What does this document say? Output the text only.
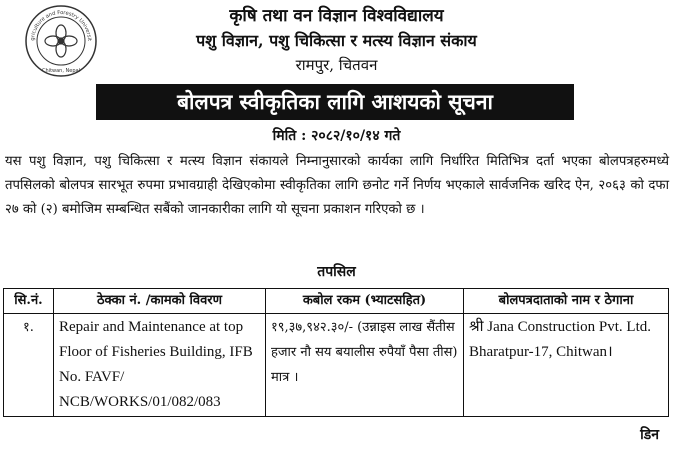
griculture and Forestry Universit
Chitwan, Nepal
कृषि तथा वन विज्ञान विश्वविद्यालय
पशु विज्ञान, पशु चिकित्सा र मत्स्य विज्ञान संकाय
रामपुर, चितवन
बोलपत्र स्वीकृतिका लागि आशयको सूचना
मिति : २०८२/१०/१४ गते
यस पशु विज्ञान, पशु चिकित्सा र मत्स्य विज्ञान संकायले निम्नानुसारको कार्यका लागि निर्धारित मितिभित्र दर्ता भएका बोलपत्रहरुमध्ये तपसिलको बोलपत्र सारभूत रुपमा प्रभावग्राही देखिएकोमा स्वीकृतिका लागि छनोट गर्ने निर्णय भएकाले सार्वजनिक खरिद ऐन, २०६३ को दफा २७ को (२) बमोजिम सम्बन्धित सबैंको जानकारीका लागि यो सूचना प्रकाशन गरिएको छ ।
तपसिल
सि.नं.	ठेक्का नं. /कामको विवरण	कबोल रकम (भ्याटसहित)	बोलपत्रदाताको नाम र ठेगाना
१.	Repair and Maintenance at top Floor of Fisheries Building, IFB No. FAVF/ NCB/WORKS/01/082/083	१९,३७,९४२.३०/- (उन्नाइस लाख सैंतीस हजार नौ सय बयालीस रुपैयाँ पैसा तीस) मात्र ।	श्री Jana Construction Pvt. Ltd. Bharatpur-17, Chitwan।
डिन
